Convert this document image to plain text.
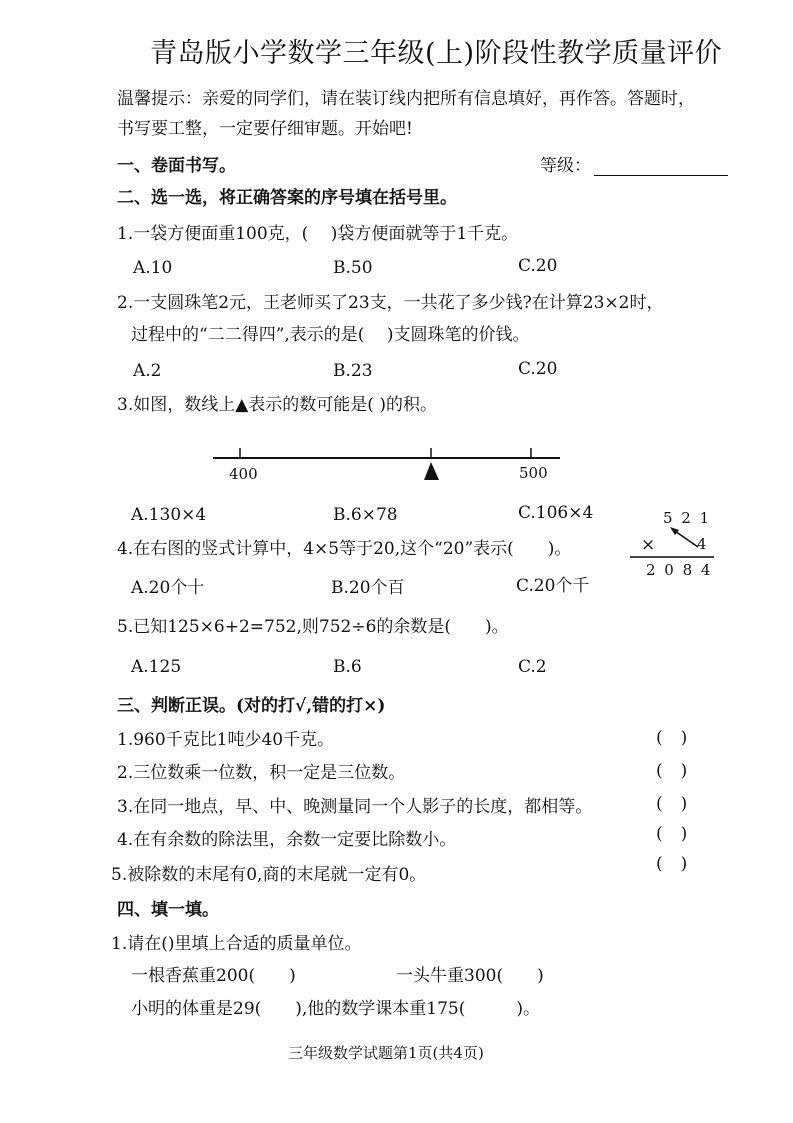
青岛版小学数学三年级(上)阶段性教学质量评价
温馨提示：亲爱的同学们，请在装订线内把所有信息填好，再作答。答题时，
书写要工整，一定要仔细审题。开始吧!
一、卷面书写。	等级：
二、选一选，将正确答案的序号填在括号里。
1.一袋方便面重100克，(　 )袋方便面就等于1千克。
A.10	B.50	C.20
2.一支圆珠笔2元，王老师买了23支，一共花了多少钱?在计算23×2时，
过程中的“二二得四”,表示的是(　 )支圆珠笔的价钱。
A.2	B.23	C.20
3.如图，数线上▲表示的数可能是( )的积。
400	500
A.130×4	B.6×78	C.106×4
4.在右图的竖式计算中，4×5等于20,这个“20”表示(　　)。
5 2 1
×	4
2 0 8 4
A.20个十	B.20个百	C.20个千
5.已知125×6+2=752,则752÷6的余数是(　　)。
A.125	B.6	C.2
三、判断正误。(对的打√,错的打×)
1.960千克比1吨少40千克。	()
2.三位数乘一位数，积一定是三位数。	()
3.在同一地点，早、中、晚测量同一个人影子的长度，都相等。	()
4.在有余数的除法里，余数一定要比除数小。	()
5.被除数的末尾有0,商的末尾就一定有0。
()
四、填一填。
1.请在()里填上合适的质量单位。
一根香蕉重200(　　)	一头牛重300(　　)
小明的体重是29(　　),他的数学课本重175(　　　)。
三年级数学试题第1页(共4页)
